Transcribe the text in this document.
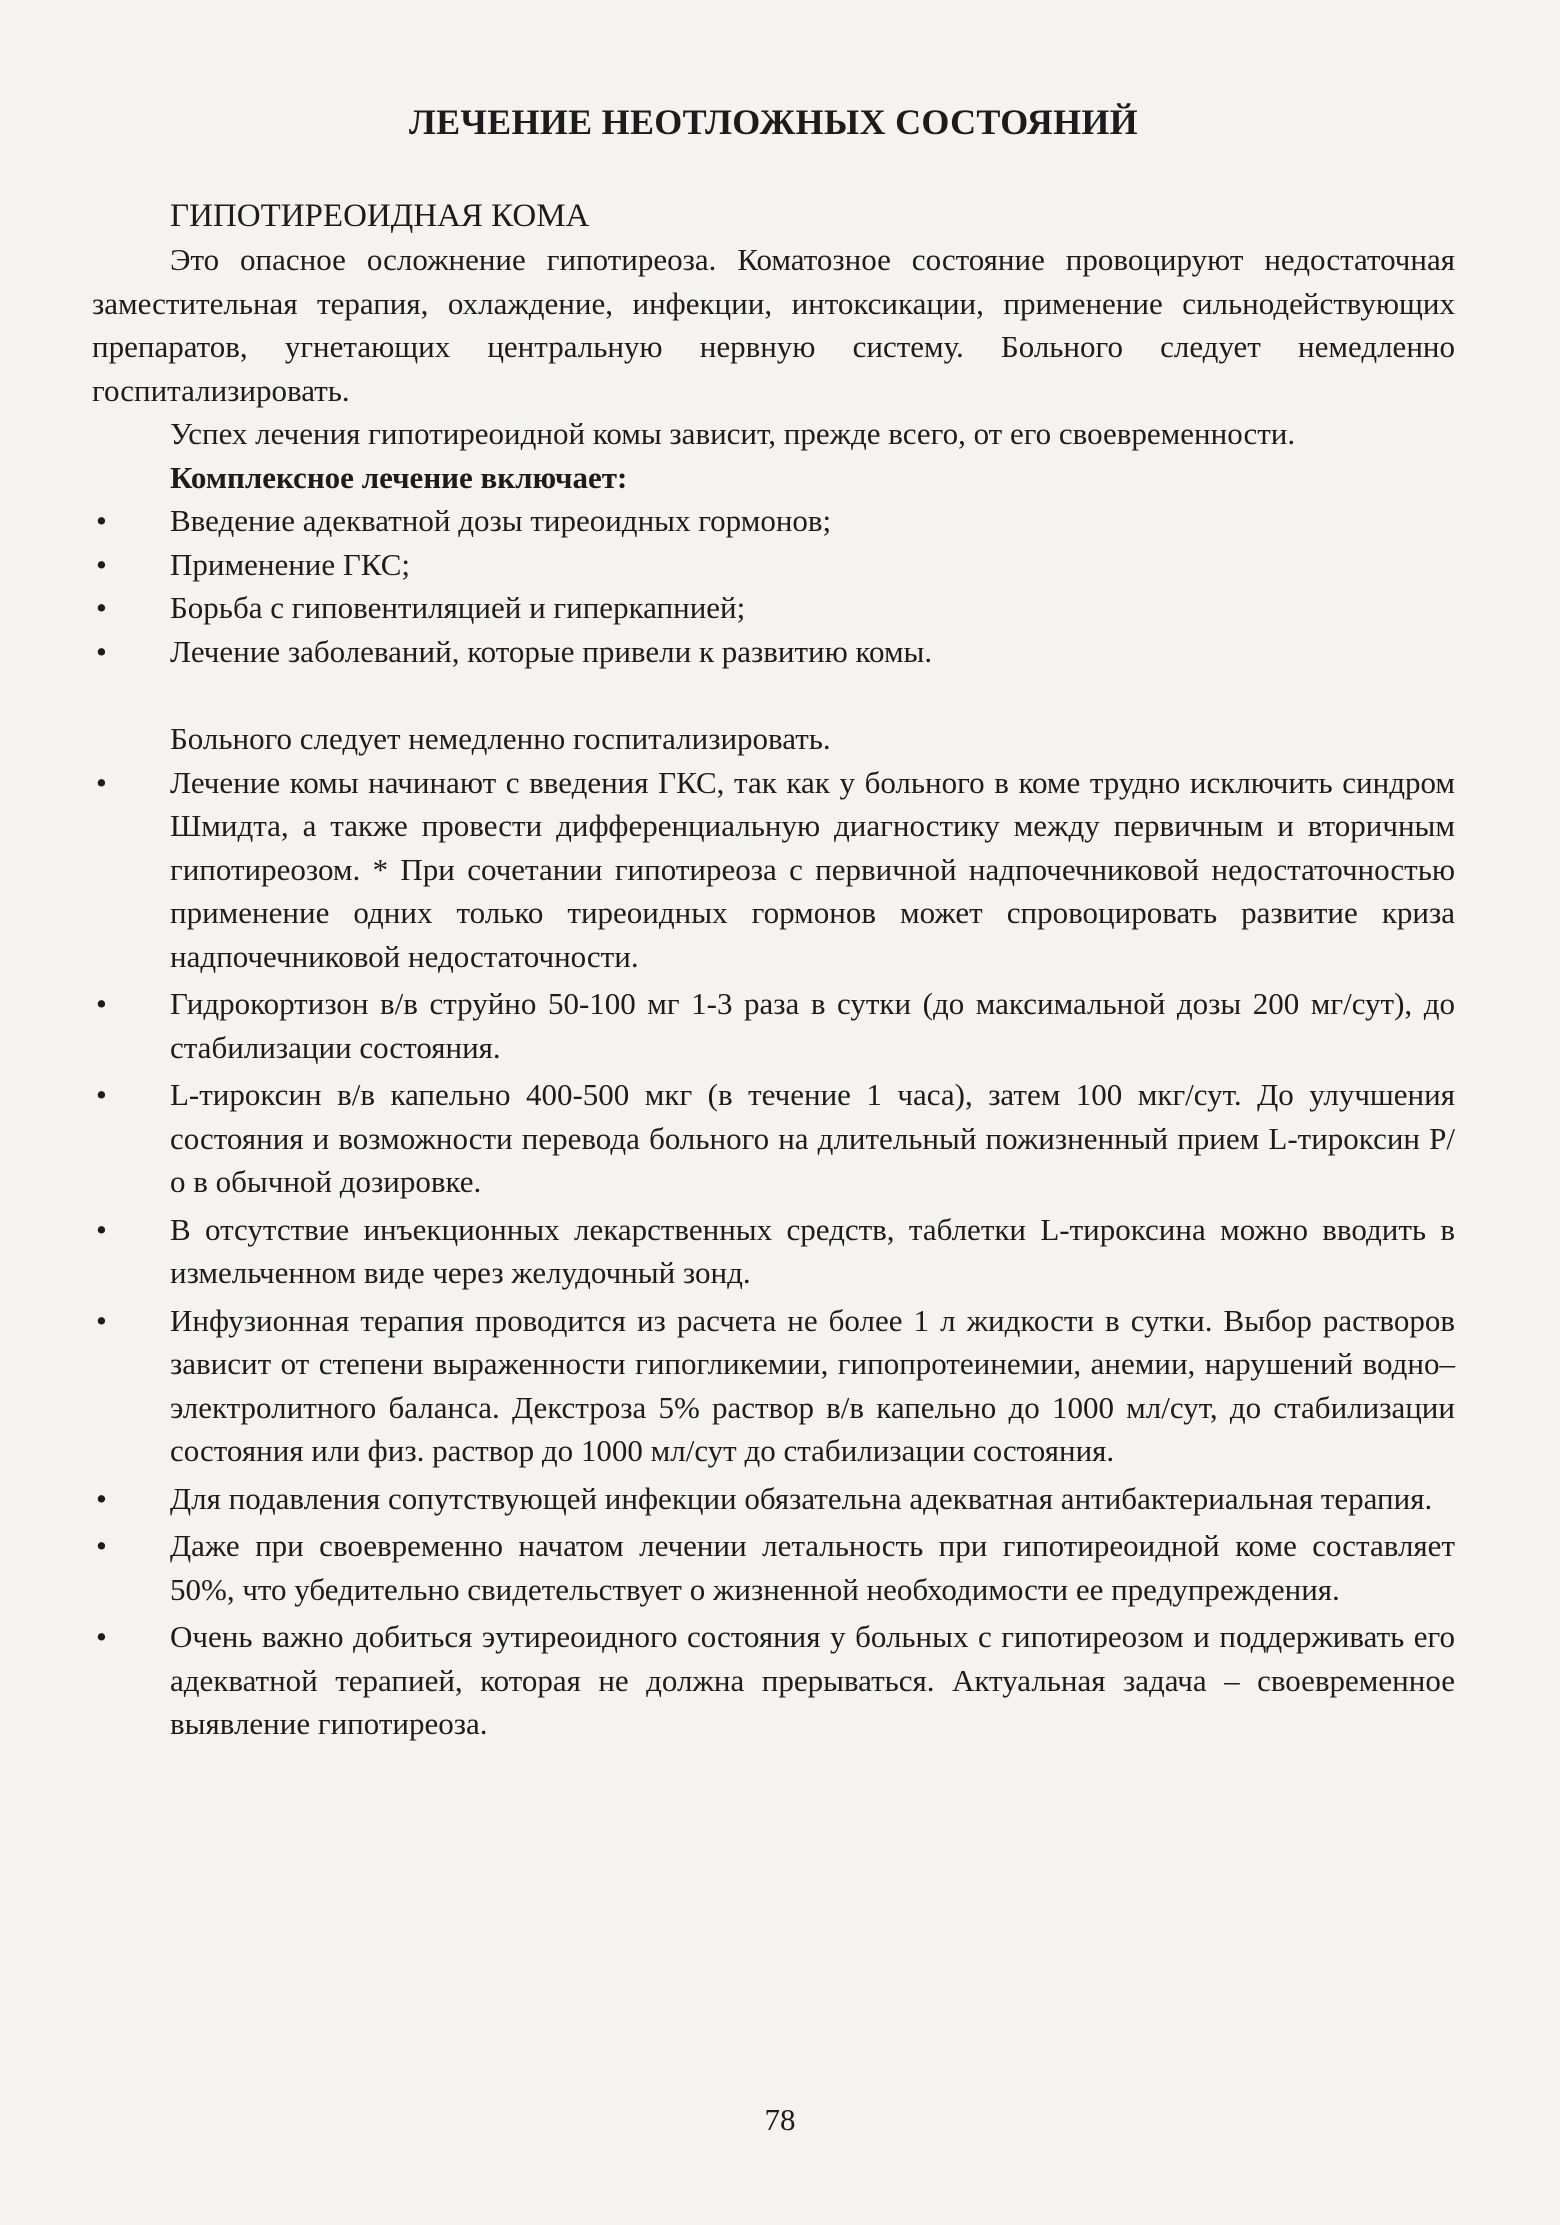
ЛЕЧЕНИЕ НЕОТЛОЖНЫХ СОСТОЯНИЙ
ГИПОТИРЕОИДНАЯ КОМА

Это опасное осложнение гипотиреоза. Коматозное состояние провоцируют недостаточная заместительная терапия, охлаждение, инфекции, интоксикации, применение сильнодействующих препаратов, угнетающих центральную нервную систему. Больного следует немедленно госпитализировать.

Успех лечения гипотиреоидной комы зависит, прежде всего, от его своевременности.

Комплексное лечение включает:
•	Введение адекватной дозы тиреоидных гормонов;
•	Применение ГКС;
•	Борьба с гиповентиляцией и гиперкапнией;
•	Лечение заболеваний, которые привели к развитию комы.
Больного следует немедленно госпитализировать.
•	Лечение комы начинают с введения ГКС, так как у больного в коме трудно исключить синдром Шмидта, а также провести дифференциальную диагностику между первичным и вторичным гипотиреозом. * При сочетании гипотиреоза с первичной надпочечниковой недостаточностью применение одних только тиреоидных гормонов может спровоцировать развитие криза надпочечниковой недостаточности.
•	Гидрокортизон в/в струйно 50-100 мг 1-3 раза в сутки (до максимальной дозы 200 мг/сут), до стабилизации состояния.
•	L-тироксин в/в капельно 400-500 мкг (в течение 1 часа), затем 100 мкг/сут. До улучшения состояния и возможности перевода больного на длительный пожизненный прием L-тироксин Р/о в обычной дозировке.
•	В отсутствие инъекционных лекарственных средств, таблетки L-тироксина можно вводить в измельченном виде через желудочный зонд.
•	Инфузионная терапия проводится из расчета не более 1 л жидкости в сутки. Выбор растворов зависит от степени выраженности гипогликемии, гипопротеинемии, анемии, нарушений водно–электролитного баланса. Декстроза 5% раствор в/в капельно до 1000 мл/сут, до стабилизации состояния или физ. раствор до 1000 мл/сут до стабилизации состояния.
•	Для подавления сопутствующей инфекции обязательна адекватная антибактериальная терапия.
•	Даже при своевременно начатом лечении летальность при гипотиреоидной коме составляет 50%, что убедительно свидетельствует о жизненной необходимости ее предупреждения.
•	Очень важно добиться эутиреоидного состояния у больных с гипотиреозом и поддерживать его адекватной терапией, которая не должна прерываться. Актуальная задача – своевременное выявление гипотиреоза.
78
